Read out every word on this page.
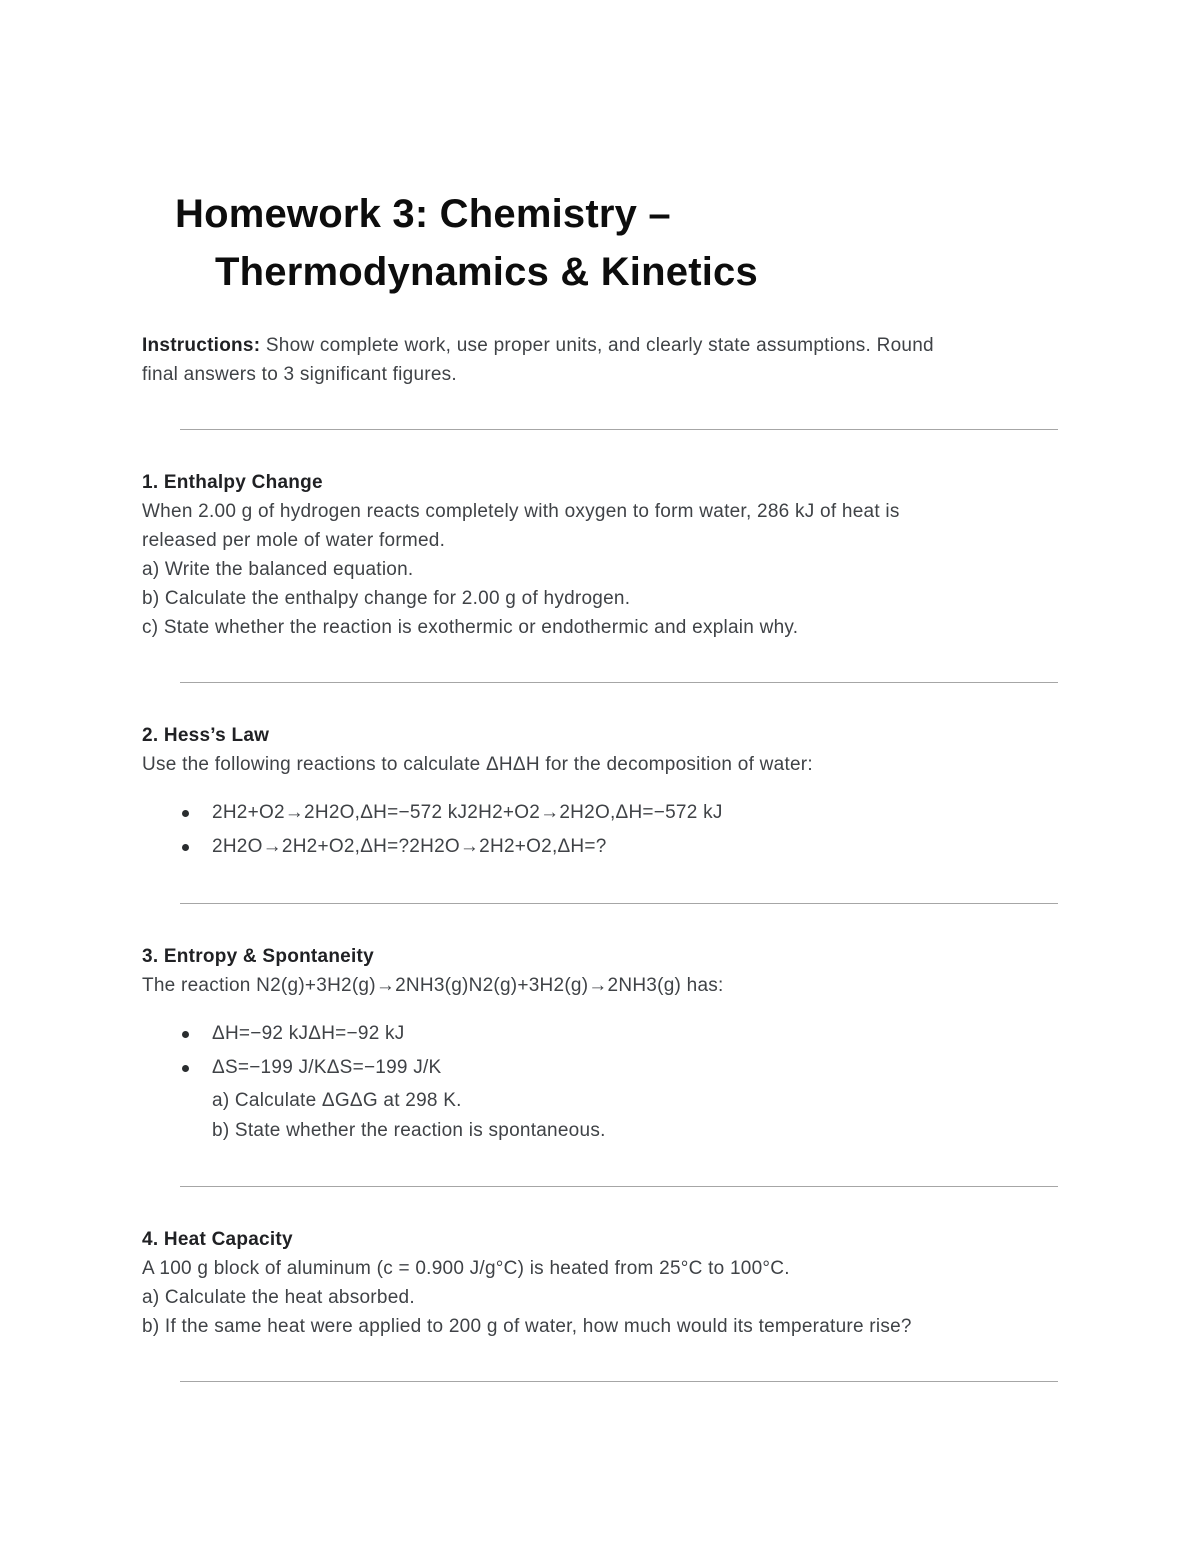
Homework 3: Chemistry –
Thermodynamics & Kinetics

Instructions: Show complete work, use proper units, and clearly state assumptions. Round

final answers to 3 significant figures.

1. Enthalpy Change

When 2.00 g of hydrogen reacts completely with oxygen to form water, 286 kJ of heat is

released per mole of water formed.

a) Write the balanced equation.

b) Calculate the enthalpy change for 2.00 g of hydrogen.

c) State whether the reaction is exothermic or endothermic and explain why.

2. Hess’s Law

Use the following reactions to calculate ΔHΔH for the decomposition of water:

2H2+O2→2H2O,ΔH=−572 kJ2H2+O2→2H2O,ΔH=−572 kJ
2H2O→2H2+O2,ΔH=?2H2O→2H2+O2,ΔH=?
3. Entropy & Spontaneity

The reaction N2(g)+3H2(g)→2NH3(g)N2(g)+3H2(g)→2NH3(g) has:

ΔH=−92 kJΔH=−92 kJ
ΔS=−199 J/KΔS=−199 J/K

a) Calculate ΔGΔG at 298 K.

b) State whether the reaction is spontaneous.

4. Heat Capacity

A 100 g block of aluminum (c = 0.900 J/g°C) is heated from 25°C to 100°C.

a) Calculate the heat absorbed.

b) If the same heat were applied to 200 g of water, how much would its temperature rise?
